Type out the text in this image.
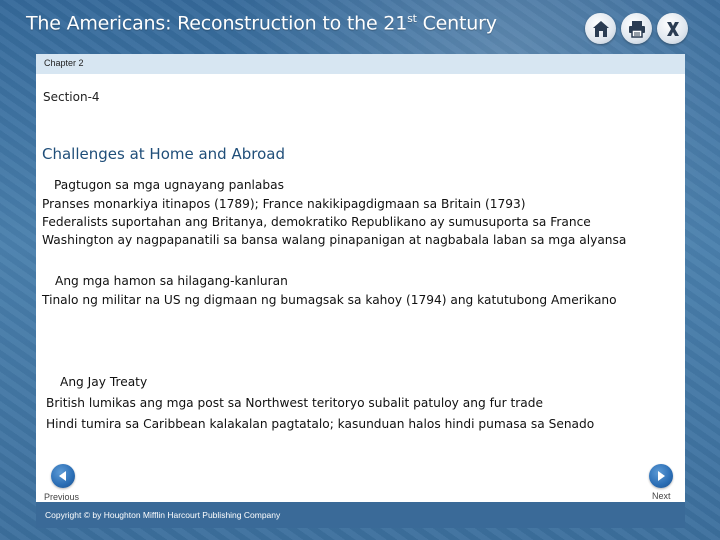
The Americans: Reconstruction to the 21st Century
Chapter 2
Section-4
Challenges at Home and Abroad
Pagtugon sa mga ugnayang panlabas
Pranses monarkiya itinapos (1789); France nakikipagdigmaan sa Britain (1793)
Federalists suportahan ang Britanya, demokratiko Republikano ay sumusuporta sa France
Washington ay nagpapanatili sa bansa walang pinapanigan at nagbabala laban sa mga alyansa
Ang mga hamon sa hilagang-kanluran
Tinalo ng militar na US ng digmaan ng bumagsak sa kahoy (1794) ang katutubong Amerikano
Ang Jay Treaty
British lumikas ang mga post sa Northwest teritoryo subalit patuloy ang fur trade
Hindi tumira sa Caribbean kalakalan pagtatalo; kasunduan halos hindi pumasa sa Senado
Previous	Next
Copyright © by Houghton Mifflin Harcourt Publishing Company
